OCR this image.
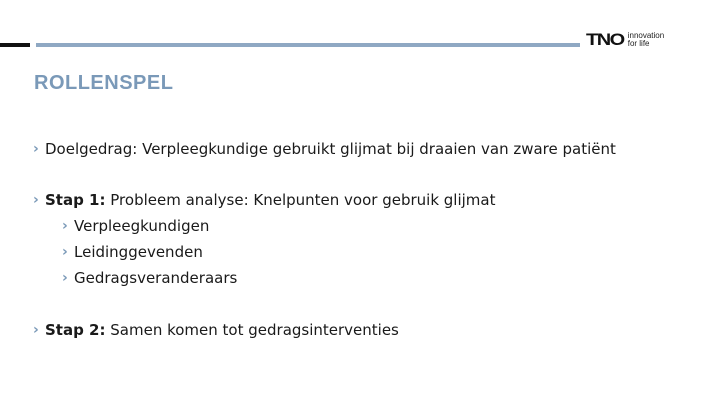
TNO innovation
for life
ROLLENSPEL
› Doelgedrag: Verpleegkundige gebruikt glijmat bij draaien van zware patiënt
› Stap 1: Probleem analyse: Knelpunten voor gebruik glijmat
› Verpleegkundigen
› Leidinggevenden
› Gedragsveranderaars
› Stap 2: Samen komen tot gedragsinterventies
